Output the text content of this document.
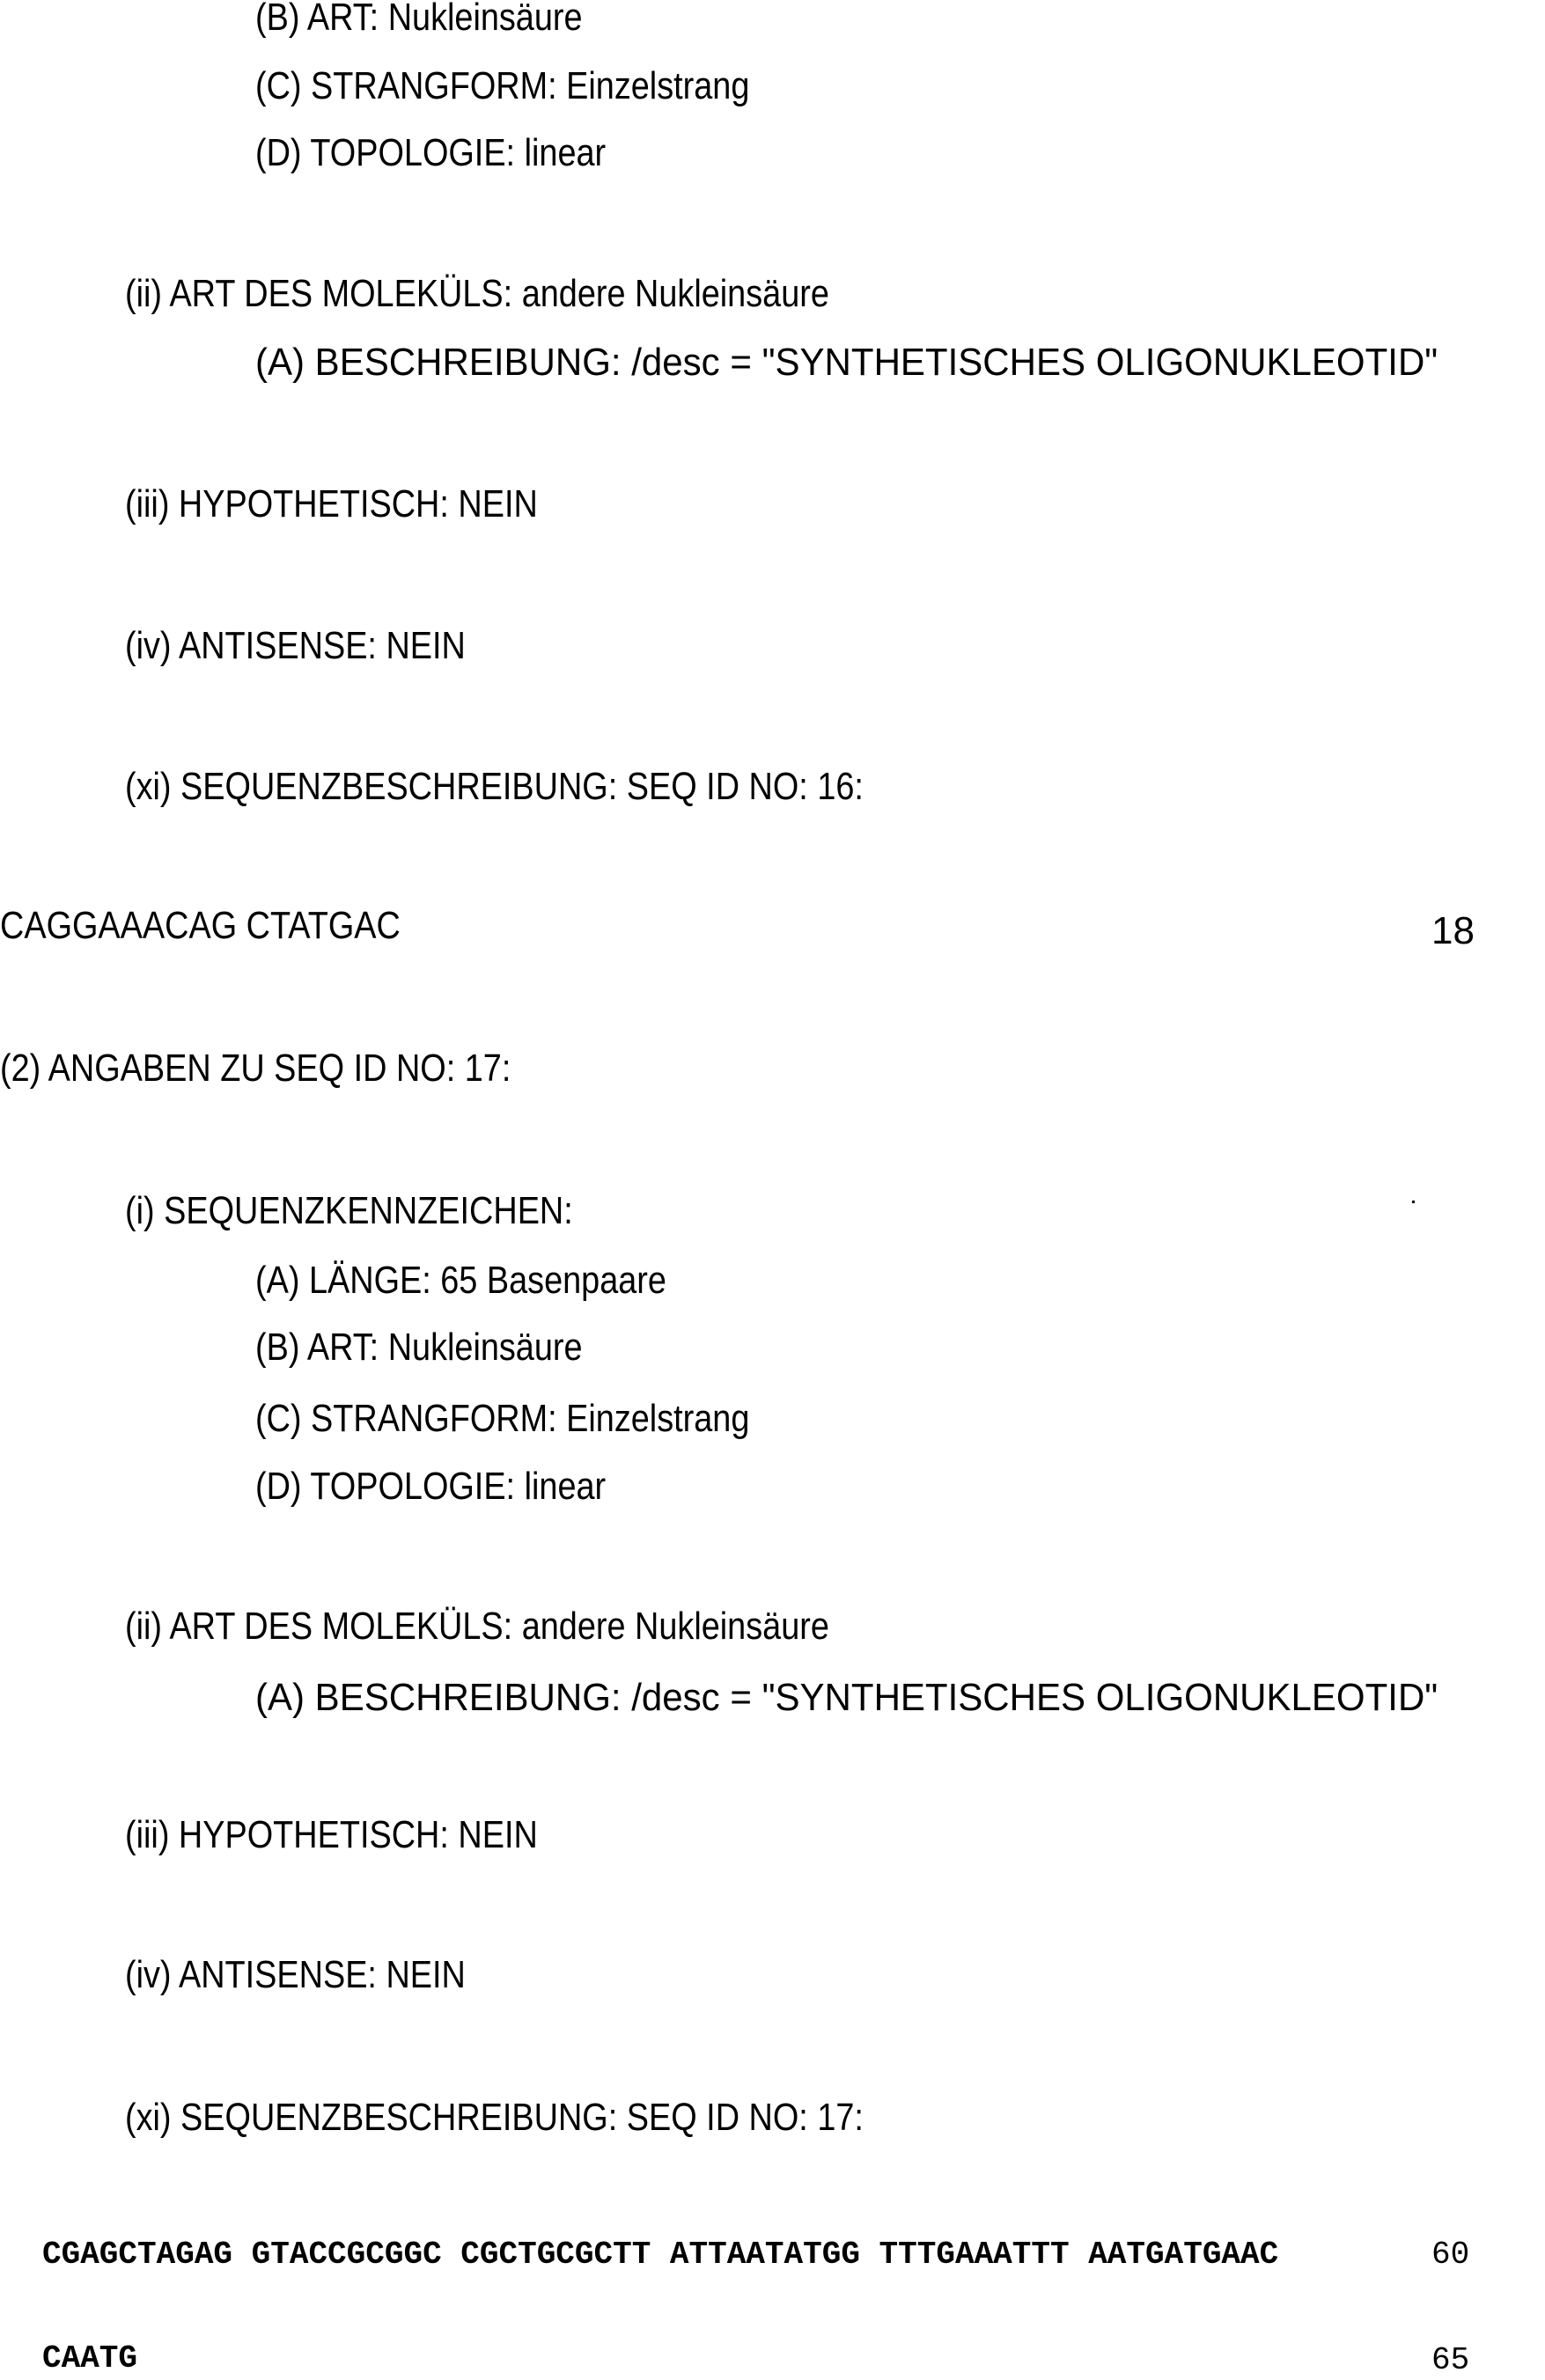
(B) ART: Nukleinsäure
(C) STRANGFORM: Einzelstrang
(D) TOPOLOGIE: linear
(ii) ART DES MOLEKÜLS: andere Nukleinsäure
(A) BESCHREIBUNG: /desc = "SYNTHETISCHES OLIGONUKLEOTID"
(iii) HYPOTHETISCH: NEIN
(iv) ANTISENSE: NEIN
(xi) SEQUENZBESCHREIBUNG: SEQ ID NO: 16:
CAGGAAACAG CTATGAC	18
(2) ANGABEN ZU SEQ ID NO: 17:
(i) SEQUENZKENNZEICHEN:
(A) LÄNGE: 65 Basenpaare
(B) ART: Nukleinsäure
(C) STRANGFORM: Einzelstrang
(D) TOPOLOGIE: linear
(ii) ART DES MOLEKÜLS: andere Nukleinsäure
(A) BESCHREIBUNG: /desc = "SYNTHETISCHES OLIGONUKLEOTID"
(iii) HYPOTHETISCH: NEIN
(iv) ANTISENSE: NEIN
(xi) SEQUENZBESCHREIBUNG: SEQ ID NO: 17:
CGAGCTAGAG GTACCGCGGC CGCTGCGCTT ATTAATATGG TTTGAAATTT AATGATGAAC	60
CAATG	65
